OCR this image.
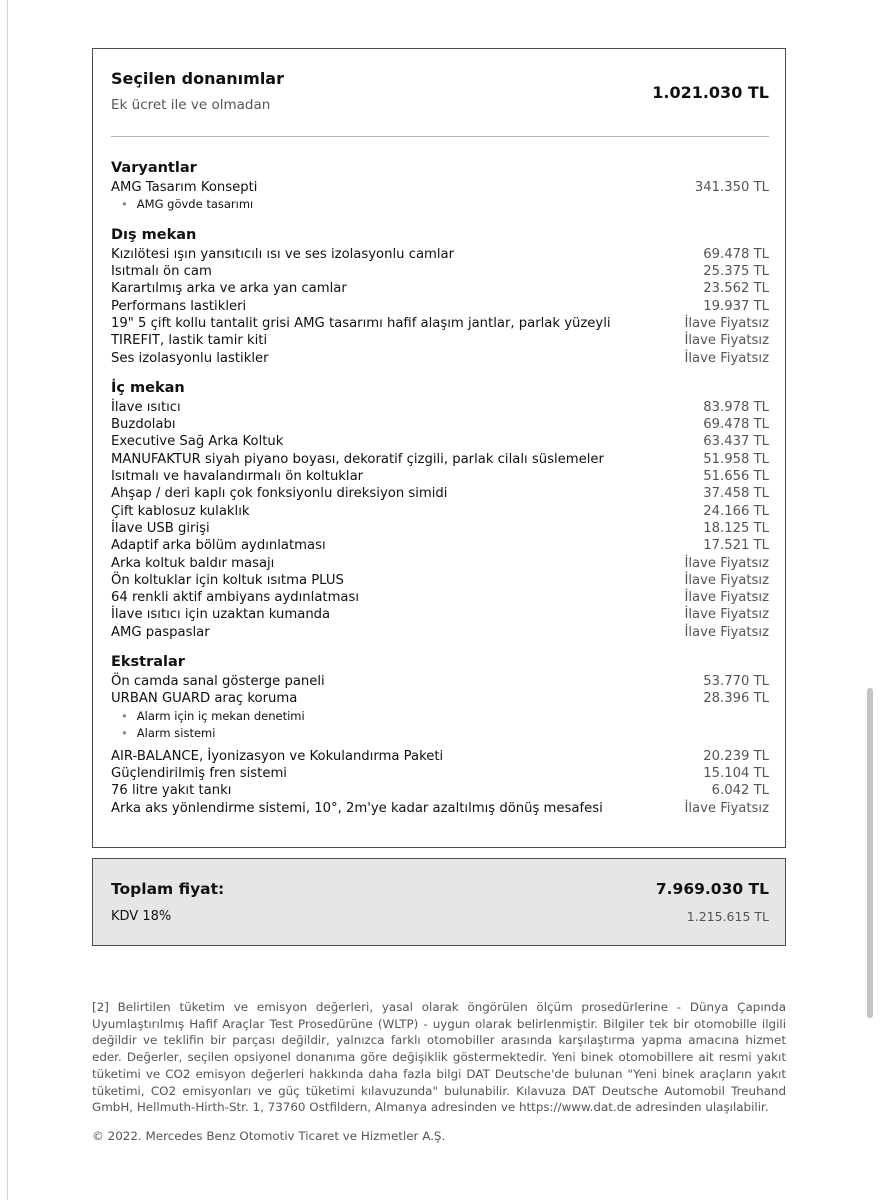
Seçilen donanımlar
Ek ücret ile ve olmadan
1.021.030 TL
Varyantlar
AMG Tasarım Konsepti	341.350 TL
• AMG gövde tasarımı
Dış mekan
Kızılötesi ışın yansıtıcılı ısı ve ses izolasyonlu camlar	69.478 TL
Isıtmalı ön cam	25.375 TL
Karartılmış arka ve arka yan camlar	23.562 TL
Performans lastikleri	19.937 TL
19" 5 çift kollu tantalit grisi AMG tasarımı hafif alaşım jantlar, parlak yüzeyli	İlave Fiyatsız
TIREFIT, lastik tamir kiti	İlave Fiyatsız
Ses izolasyonlu lastikler	İlave Fiyatsız
İç mekan
İlave ısıtıcı	83.978 TL
Buzdolabı	69.478 TL
Executive Sağ Arka Koltuk	63.437 TL
MANUFAKTUR siyah piyano boyası, dekoratif çizgili, parlak cilalı süslemeler	51.958 TL
Isıtmalı ve havalandırmalı ön koltuklar	51.656 TL
Ahşap / deri kaplı çok fonksiyonlu direksiyon simidi	37.458 TL
Çift kablosuz kulaklık	24.166 TL
İlave USB girişi	18.125 TL
Adaptif arka bölüm aydınlatması	17.521 TL
Arka koltuk baldır masajı	İlave Fiyatsız
Ön koltuklar için koltuk ısıtma PLUS	İlave Fiyatsız
64 renkli aktif ambiyans aydınlatması	İlave Fiyatsız
İlave ısıtıcı için uzaktan kumanda	İlave Fiyatsız
AMG paspaslar	İlave Fiyatsız
Ekstralar
Ön camda sanal gösterge paneli	53.770 TL
URBAN GUARD araç koruma	28.396 TL
• Alarm için iç mekan denetimi
• Alarm sistemi
AIR-BALANCE, İyonizasyon ve Kokulandırma Paketi	20.239 TL
Güçlendirilmiş fren sistemi	15.104 TL
76 litre yakıt tankı	6.042 TL
Arka aks yönlendirme sistemi, 10°, 2m'ye kadar azaltılmış dönüş mesafesi	İlave Fiyatsız
Toplam fiyat:	7.969.030 TL
KDV 18%	1.215.615 TL

[2] Belirtilen tüketim ve emisyon değerleri, yasal olarak öngörülen ölçüm prosedürlerine - Dünya Çapında Uyumlaştırılmış Hafif Araçlar Test Prosedürüne (WLTP) - uygun olarak belirlenmiştir. Bilgiler tek bir otomobille ilgili değildir ve teklifin bir parçası değildir, yalnızca farklı otomobiller arasında karşılaştırma yapma amacına hizmet eder. Değerler, seçilen opsiyonel donanıma göre değişiklik göstermektedir. Yeni binek otomobillere ait resmi yakıt tüketimi ve CO2 emisyon değerleri hakkında daha fazla bilgi DAT Deutsche'de bulunan "Yeni binek araçların yakıt tüketimi, CO2 emisyonları ve güç tüketimi kılavuzunda" bulunabilir. Kılavuza DAT Deutsche Automobil Treuhand GmbH, Hellmuth-Hirth-Str. 1, 73760 Ostfildern, Almanya adresinden ve https://www.dat.de adresinden ulaşılabilir.

© 2022. Mercedes Benz Otomotiv Ticaret ve Hizmetler A.Ş.
